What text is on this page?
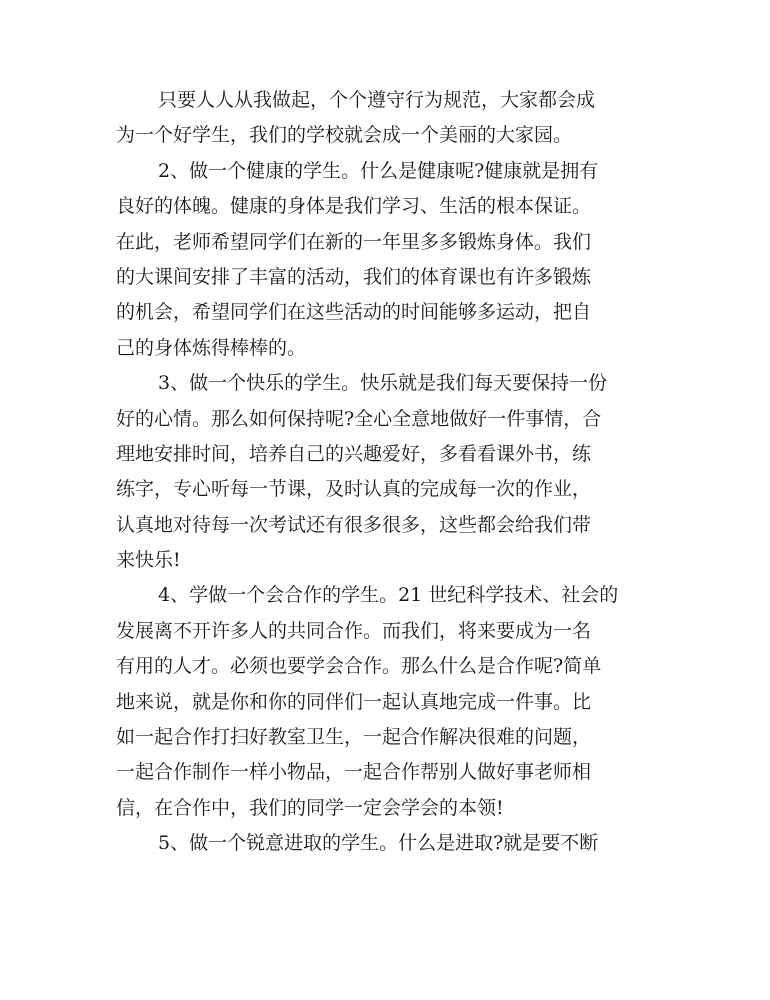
只要人人从我做起，个个遵守行为规范，大家都会成
为一个好学生，我们的学校就会成一个美丽的大家园。
2、做一个健康的学生。什么是健康呢?健康就是拥有
良好的体魄。健康的身体是我们学习、生活的根本保证。
在此，老师希望同学们在新的一年里多多锻炼身体。我们
的大课间安排了丰富的活动，我们的体育课也有许多锻炼
的机会，希望同学们在这些活动的时间能够多运动，把自
己的身体炼得棒棒的。
3、做一个快乐的学生。快乐就是我们每天要保持一份
好的心情。那么如何保持呢?全心全意地做好一件事情，合
理地安排时间，培养自己的兴趣爱好，多看看课外书，练
练字，专心听每一节课，及时认真的完成每一次的作业，
认真地对待每一次考试还有很多很多，这些都会给我们带
来快乐!
4、学做一个会合作的学生。21 世纪科学技术、社会的
发展离不开许多人的共同合作。而我们，将来要成为一名
有用的人才。必须也要学会合作。那么什么是合作呢?简单
地来说，就是你和你的同伴们一起认真地完成一件事。比
如一起合作打扫好教室卫生，一起合作解决很难的问题，
一起合作制作一样小物品，一起合作帮别人做好事老师相
信，在合作中，我们的同学一定会学会的本领!
5、做一个锐意进取的学生。什么是进取?就是要不断
